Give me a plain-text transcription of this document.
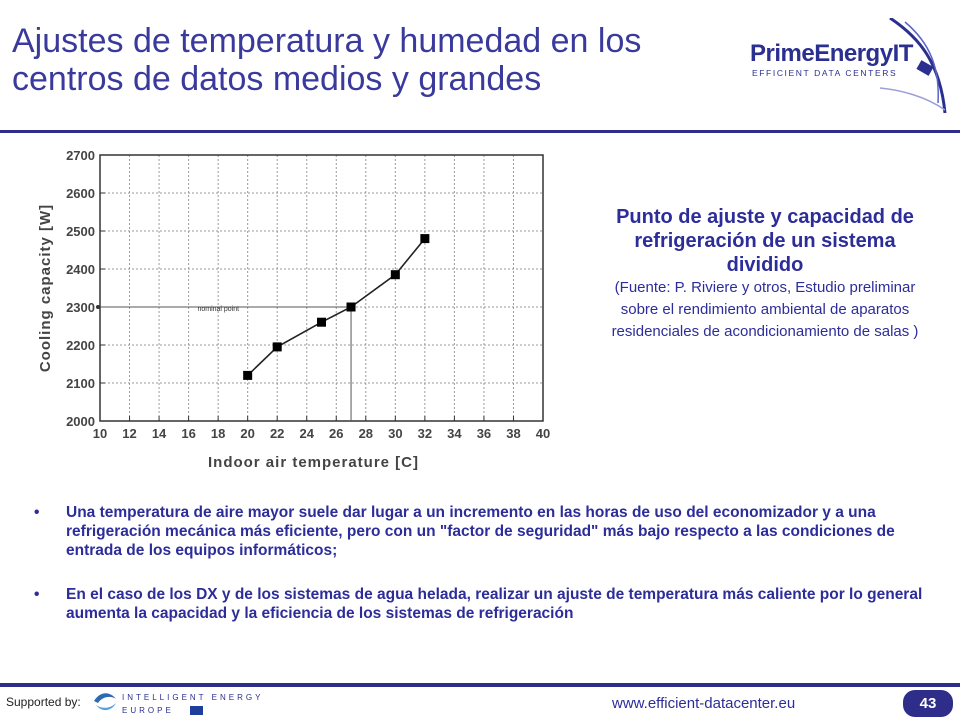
Ajustes de temperatura y humedad en los
centros de datos medios y grandes
PrimeEnergyIT
EFFICIENT DATA CENTERS
10 12 14 16 18 20 22 24 26 28 30 32 34 36 38 40
2000
2100
2200
2300
2400
2500
2600
2700
Indoor air temperature [C]
Cooling capacity [W]	nominal point
Punto de ajuste y capacidad de refrigeración de un sistema dividido
(Fuente: P. Riviere y otros, Estudio preliminar sobre el rendimiento ambiental de aparatos residenciales de acondicionamiento de salas )
• Una temperatura de aire mayor suele dar lugar a un incremento en las horas de uso del economizador y a una refrigeración mecánica más eficiente, pero con un "factor de seguridad" más bajo respecto a las condiciones de entrada de los equipos informáticos;
• En el caso de los DX y de los sistemas de agua helada, realizar un ajuste de temperatura más caliente por lo general aumenta la capacidad y la eficiencia de los sistemas de refrigeración
Supported by:	INTELLIGENT ENERGY
EUROPE	www.efficient-datacenter.eu	43
